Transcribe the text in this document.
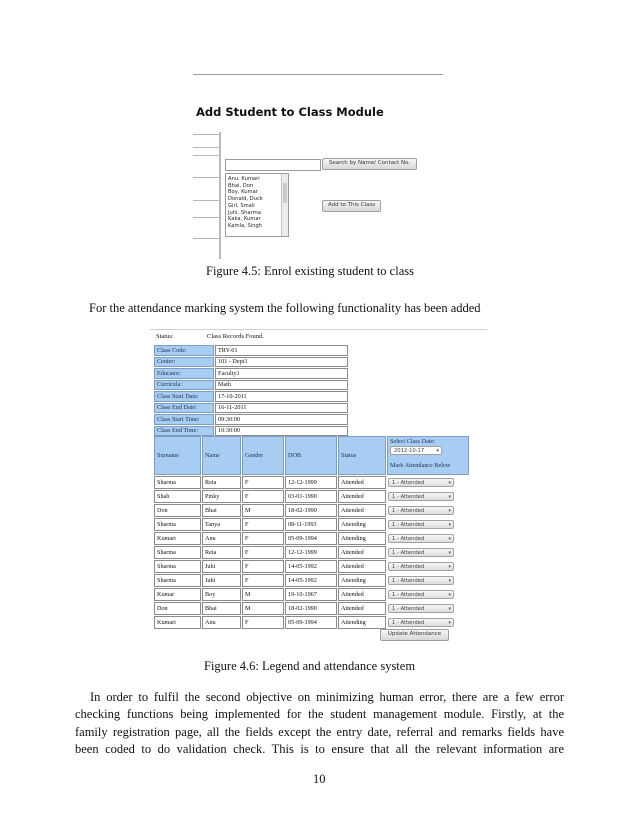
Add Student to Class Module
Search by Name/ Contact No.
Anu, Kumari
Bhai, Don
Boy, Kumar
Donald, Duck
Girl, Small
Juhi, Sharma
Kaka, Kumar
Kamla, Singh
Add to This Class
Figure 4.5: Enrol existing student to class
For the attendance marking system the following functionality has been added
Status:	Class Records Found.
Class Code:	TRY-01
Center:	101 - Dept1
Educator:	Faculty1
Curricula:	Math
Class Start Date:	17-10-2011
Class End Date:	16-11-2011
Class Start Time:	09:30:00
Class End Time:	10:30:00
Surname	Name	Gender	DOB	Status	Select Class Date:
2012-10-17 ▾
Mark Attendance Below

Sharma	Reta	F	12-12-1999	Attended	1 - Attended ▾

Shah	Pinky	F	03-01-1990	Attended	1 - Attended ▾

Don	Bhai	M	18-02-1990	Attended	1 - Attended ▾

Sharma	Tanya	F	08-11-1993	Attending	1 - Attended ▾

Kumari	Anu	F	05-09-1994	Attending	1 - Attended ▾

Sharma	Reta	F	12-12-1999	Attended	1 - Attended ▾

Sharma	Juhi	F	14-05-1992	Attended	1 - Attended ▾

Sharma	Juhi	F	14-05-1992	Attending	1 - Attended ▾

Kumar	Boy	M	19-10-1967	Attended	1 - Attended ▾

Don	Bhai	M	18-02-1990	Attended	1 - Attended ▾

Kumari	Anu	F	05-09-1994	Attending	1 - Attended ▾
Update Attendance
Figure 4.6: Legend and attendance system
In order to fulfil the second objective on minimizing human error, there are a few error
checking functions being implemented for the student management module. Firstly, at the
family registration page, all the fields except the entry date, referral and remarks fields have
been coded to do validation check. This is to ensure that all the relevant information are
10
